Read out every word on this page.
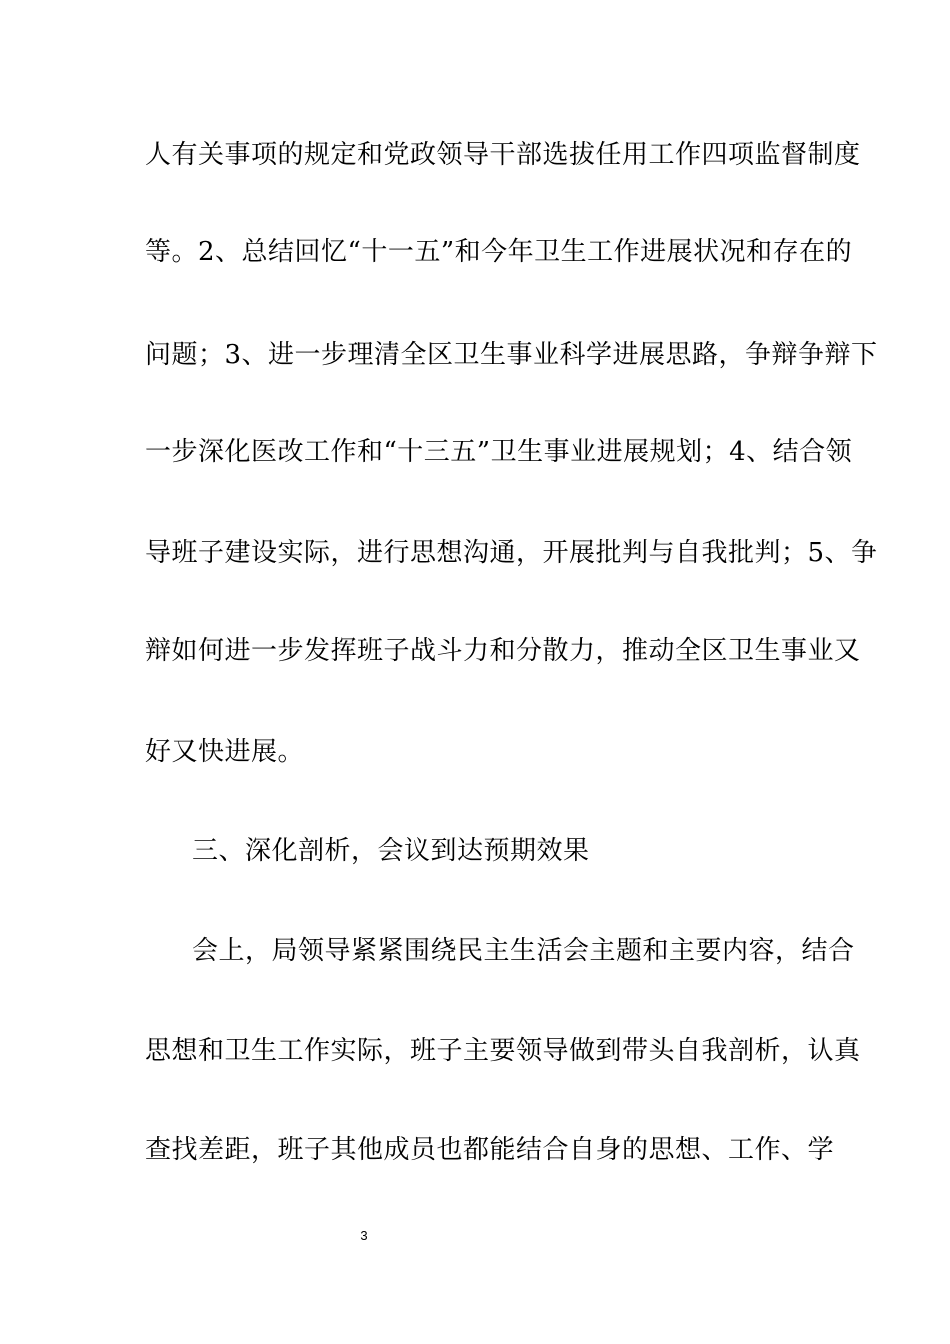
人有关事项的规定和党政领导干部选拔任用工作四项监督制度
等。2、总结回忆“十一五”和今年卫生工作进展状况和存在的
问题；3、进一步理清全区卫生事业科学进展思路，争辩争辩下
一步深化医改工作和“十三五”卫生事业进展规划；4、结合领
导班子建设实际，进行思想沟通，开展批判与自我批判；5、争
辩如何进一步发挥班子战斗力和分散力，推动全区卫生事业又
好又快进展。
三、深化剖析，会议到达预期效果
会上，局领导紧紧围绕民主生活会主题和主要内容，结合
思想和卫生工作实际，班子主要领导做到带头自我剖析，认真
查找差距，班子其他成员也都能结合自身的思想、工作、学
3
